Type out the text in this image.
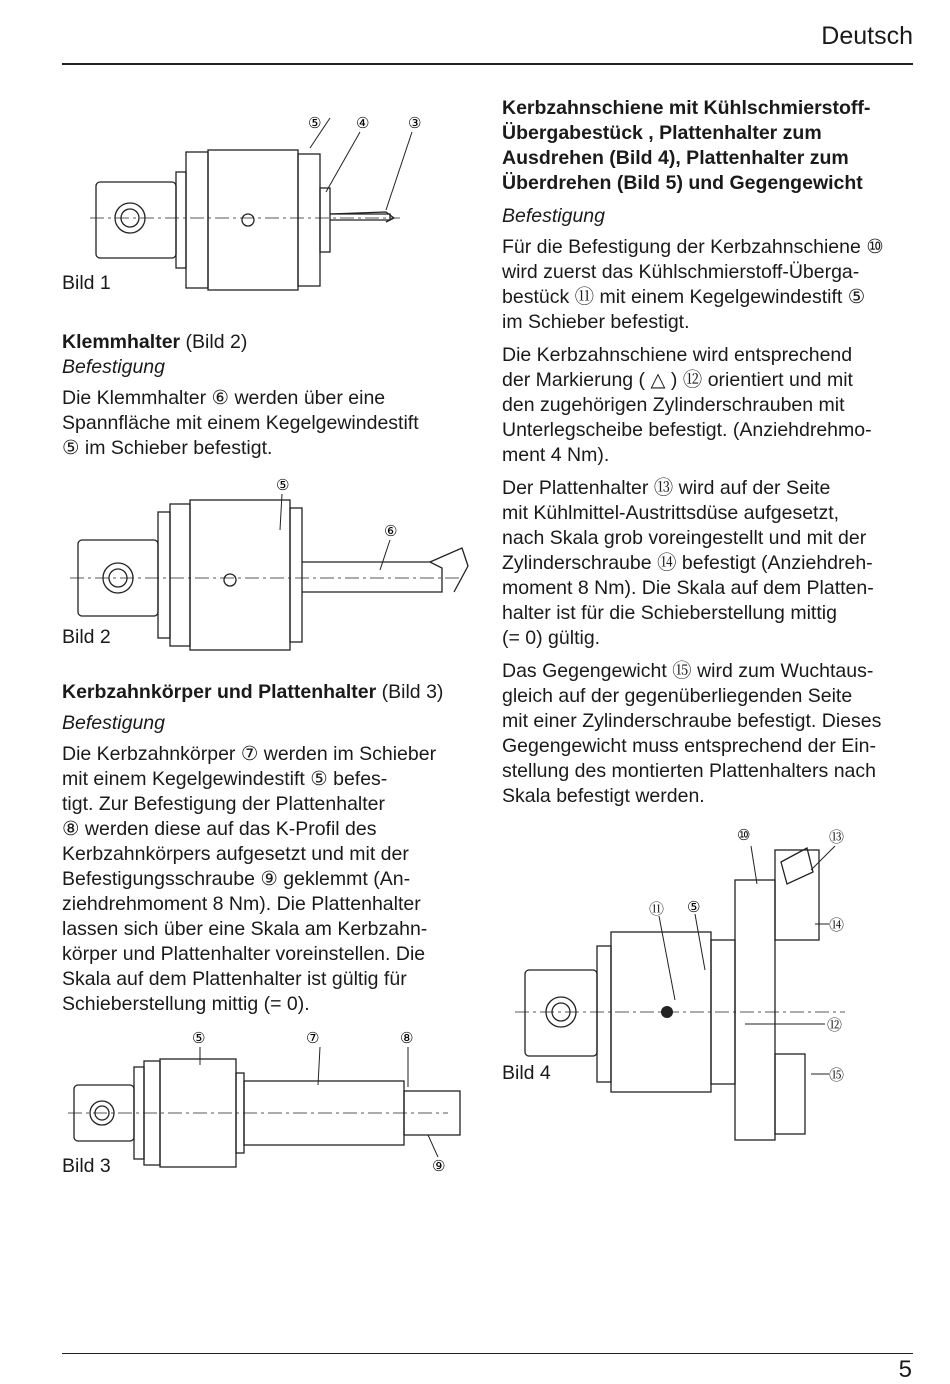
Deutsch
Bild 1
⑤ ④	③
Klemmhalter (Bild 2)
Befestigung

Die Klemmhalter ⑥ werden über eine
Spannfläche mit einem Kegelgewindestift
⑤ im Schieber befestigt.

Bild 2
⑤
⑥
Kerbzahnkörper und Plattenhalter (Bild 3)
Befestigung

Die Kerbzahnkörper ⑦ werden im Schieber
mit einem Kegelgewindestift ⑤ befes-
tigt. Zur Befestigung der Plattenhalter
⑧ werden diese auf das K-Profil des
Kerbzahnkörpers aufgesetzt und mit der
Befestigungsschraube ⑨ geklemmt (An-
ziehdrehmoment 8 Nm). Die Plattenhalter
lassen sich über eine Skala am Kerbzahn-
körper und Plattenhalter voreinstellen. Die
Skala auf dem Plattenhalter ist gültig für
Schieberstellung mittig (= 0).

Bild 3
⑤	⑦	⑧
⑨
Kerbzahnschiene mit Kühlschmierstoff-
Übergabestück , Plattenhalter zum
Ausdrehen (Bild 4), Plattenhalter zum
Überdrehen (Bild 5) und Gegengewicht
Befestigung

Für die Befestigung der Kerbzahnschiene ⑩
wird zuerst das Kühlschmierstoff-Überga-
bestück ⑪ mit einem Kegelgewindestift ⑤
im Schieber befestigt.

Die Kerbzahnschiene wird entsprechend
der Markierung ( △ ) ⑫ orientiert und mit
den zugehörigen Zylinderschrauben mit
Unterlegscheibe befestigt. (Anziehdrehmo-
ment 4 Nm).

Der Plattenhalter ⑬ wird auf der Seite
mit Kühlmittel-Austrittsdüse aufgesetzt,
nach Skala grob voreingestellt und mit der
Zylinderschraube ⑭ befestigt (Anziehdreh-
moment 8 Nm). Die Skala auf dem Platten-
halter ist für die Schieberstellung mittig
(= 0) gültig.

Das Gegengewicht ⑮ wird zum Wuchtaus-
gleich auf der gegenüberliegenden Seite
mit einer Zylinderschraube befestigt. Dieses
Gegengewicht muss entsprechend der Ein-
stellung des montierten Plattenhalters nach
Skala befestigt werden.

Bild 4
⑩	⑬
⑪ ⑤
⑭
⑫
⑮
5
